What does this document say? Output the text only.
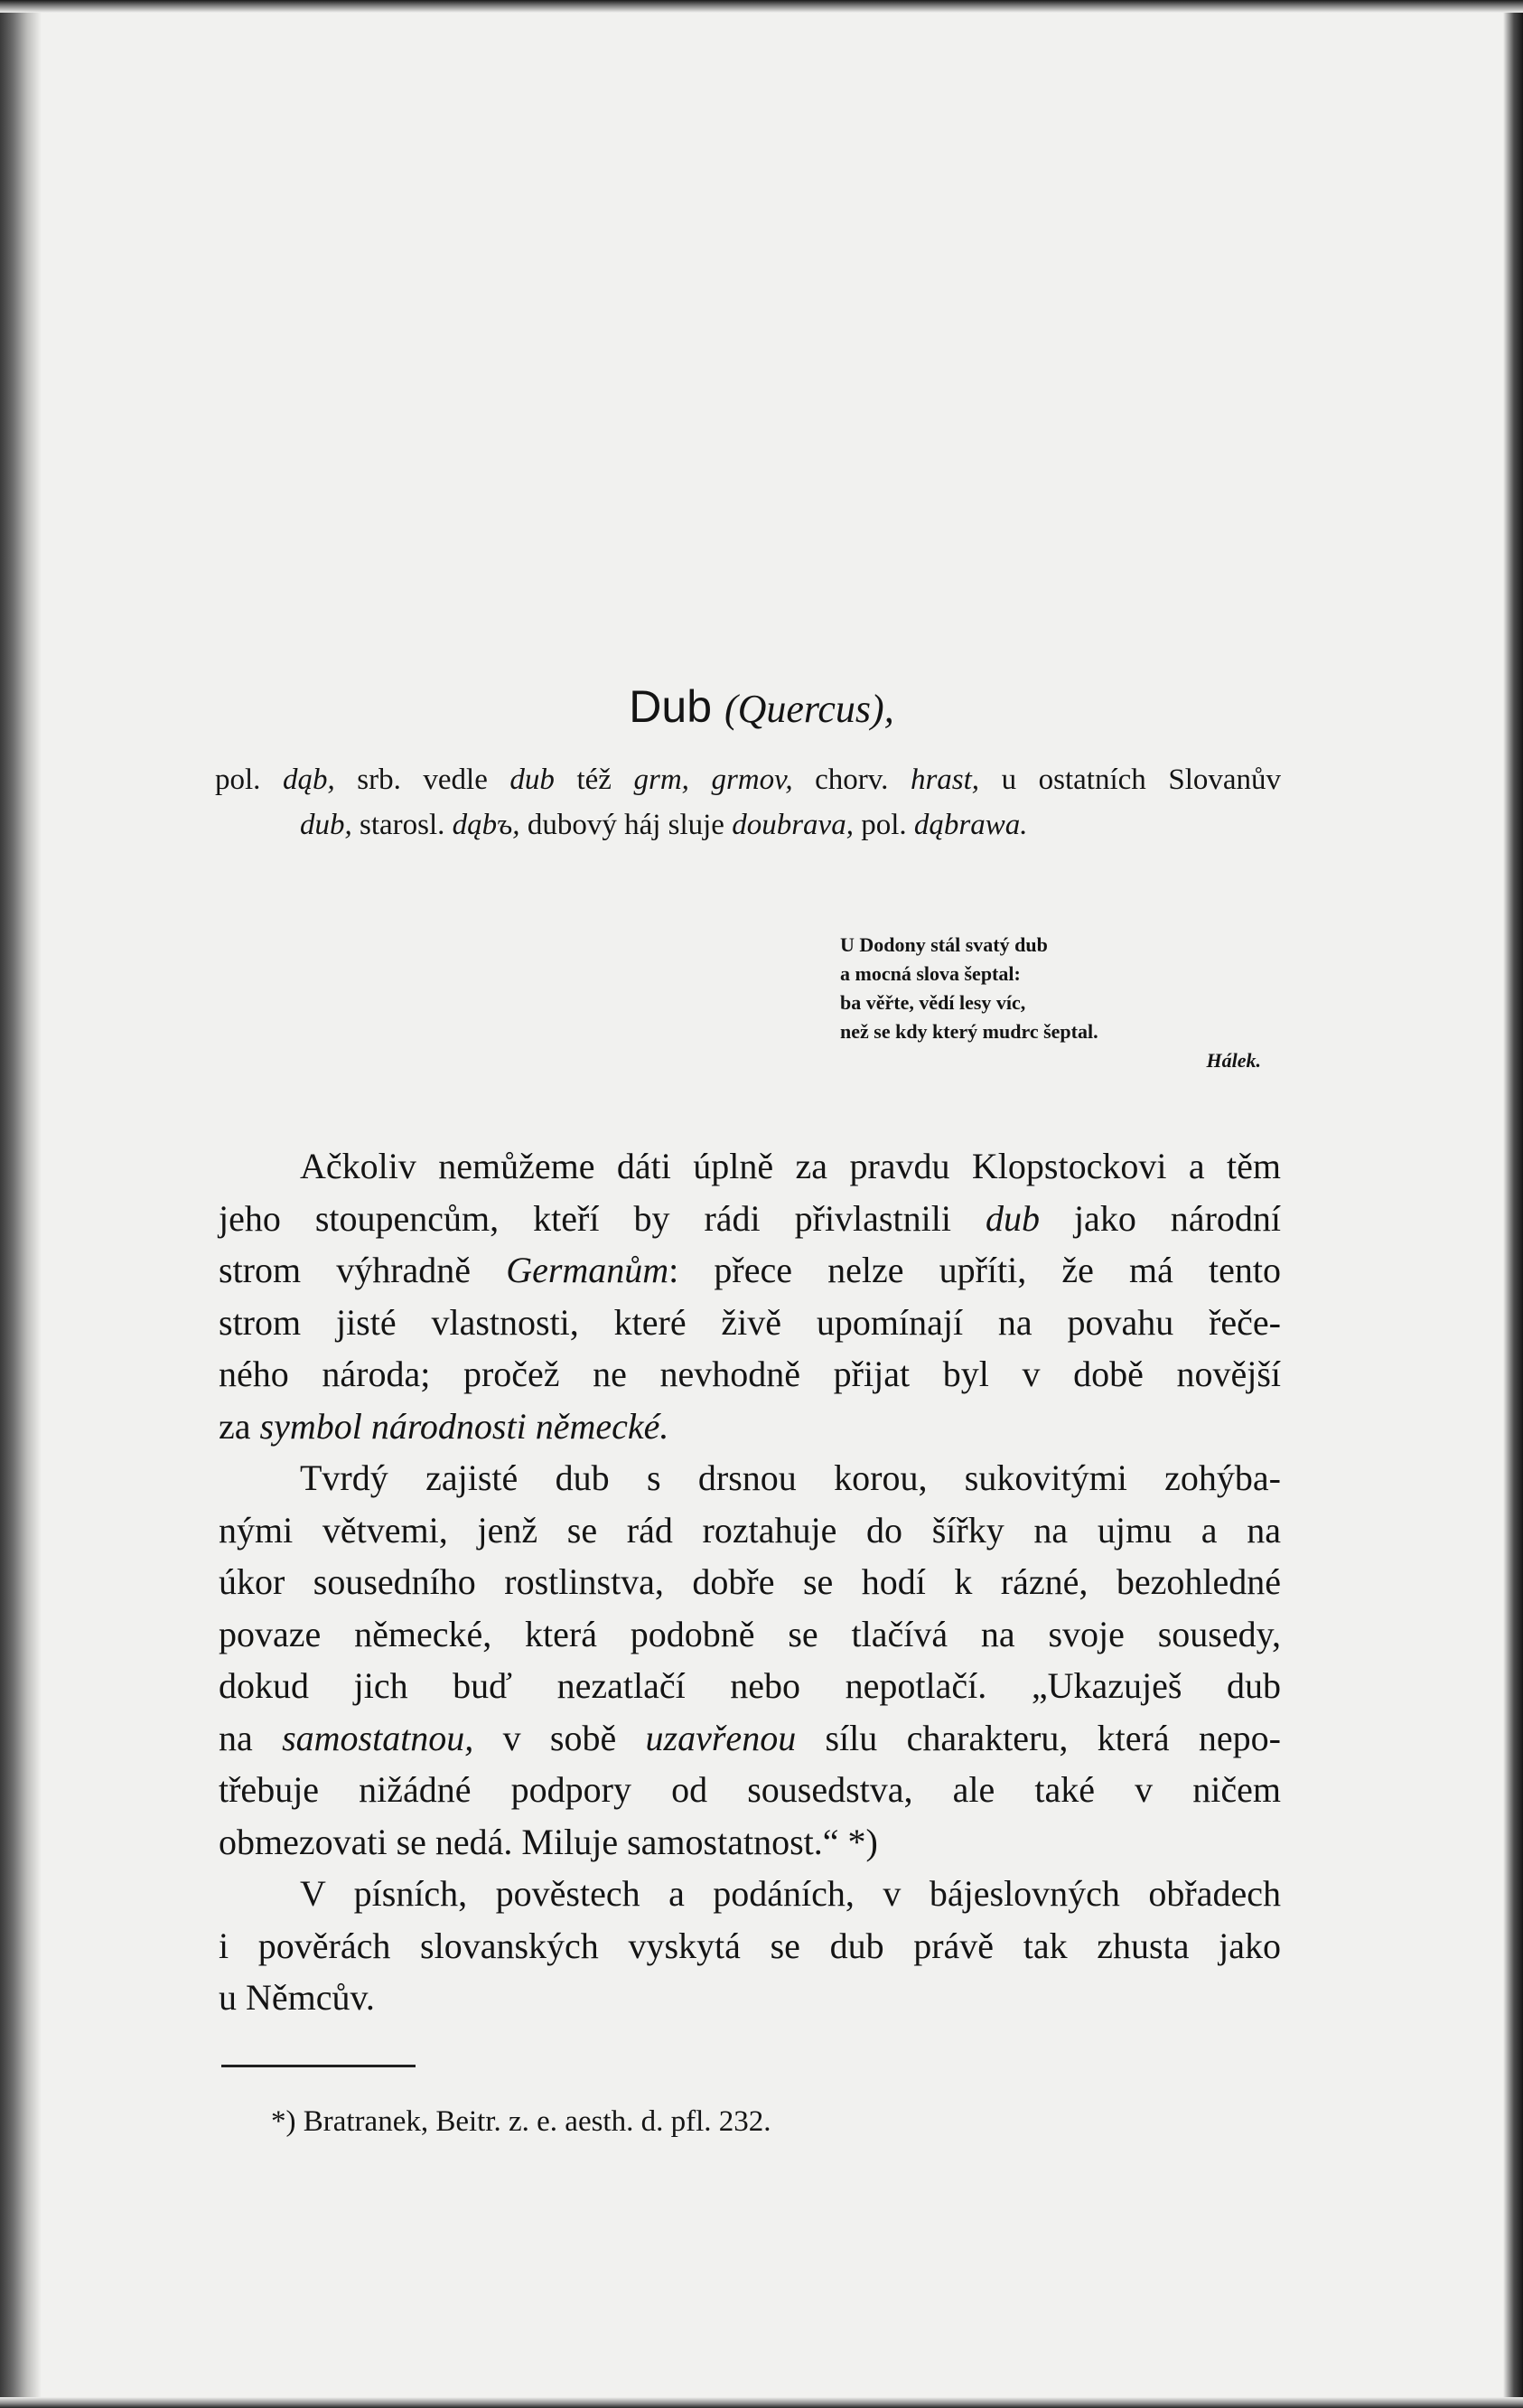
Dub (Quercus),
pol. dąb, srb. vedle dub též grm, grmov, chorv. hrast, u ostatních Slovanův
dub, starosl. dąbъ, dubový háj sluje doubrava, pol. dąbrawa.
U Dodony stál svatý dub
a mocná slova šeptal:
ba věřte, vědí lesy víc,
než se kdy který mudrc šeptal.
Hálek.
Ačkoliv nemůžeme dáti úplně za pravdu Klopstockovi a těm
jeho stoupencům, kteří by rádi přivlastnili dub jako národní
strom výhradně Germanům: přece nelze upříti, že má tento
strom jisté vlastnosti, které živě upomínají na povahu řeče-
ného národa; pročež ne nevhodně přijat byl v době novější
za symbol národnosti německé.
Tvrdý zajisté dub s drsnou korou, sukovitými zohýba-
nými větvemi, jenž se rád roztahuje do šířky na ujmu a na
úkor sousedního rostlinstva, dobře se hodí k rázné, bezohledné
povaze německé, která podobně se tlačívá na svoje sousedy,
dokud jich buď nezatlačí nebo nepotlačí. „Ukazuješ dub
na samostatnou, v sobě uzavřenou sílu charakteru, která nepo-
třebuje nižádné podpory od sousedstva, ale také v ničem
obmezovati se nedá. Miluje samostatnost.“ *)
V písních, pověstech a podáních, v bájeslovných obřadech
i pověrách slovanských vyskytá se dub právě tak zhusta jako
u Němcův.
*) Bratranek, Beitr. z. e. aesth. d. pfl. 232.
